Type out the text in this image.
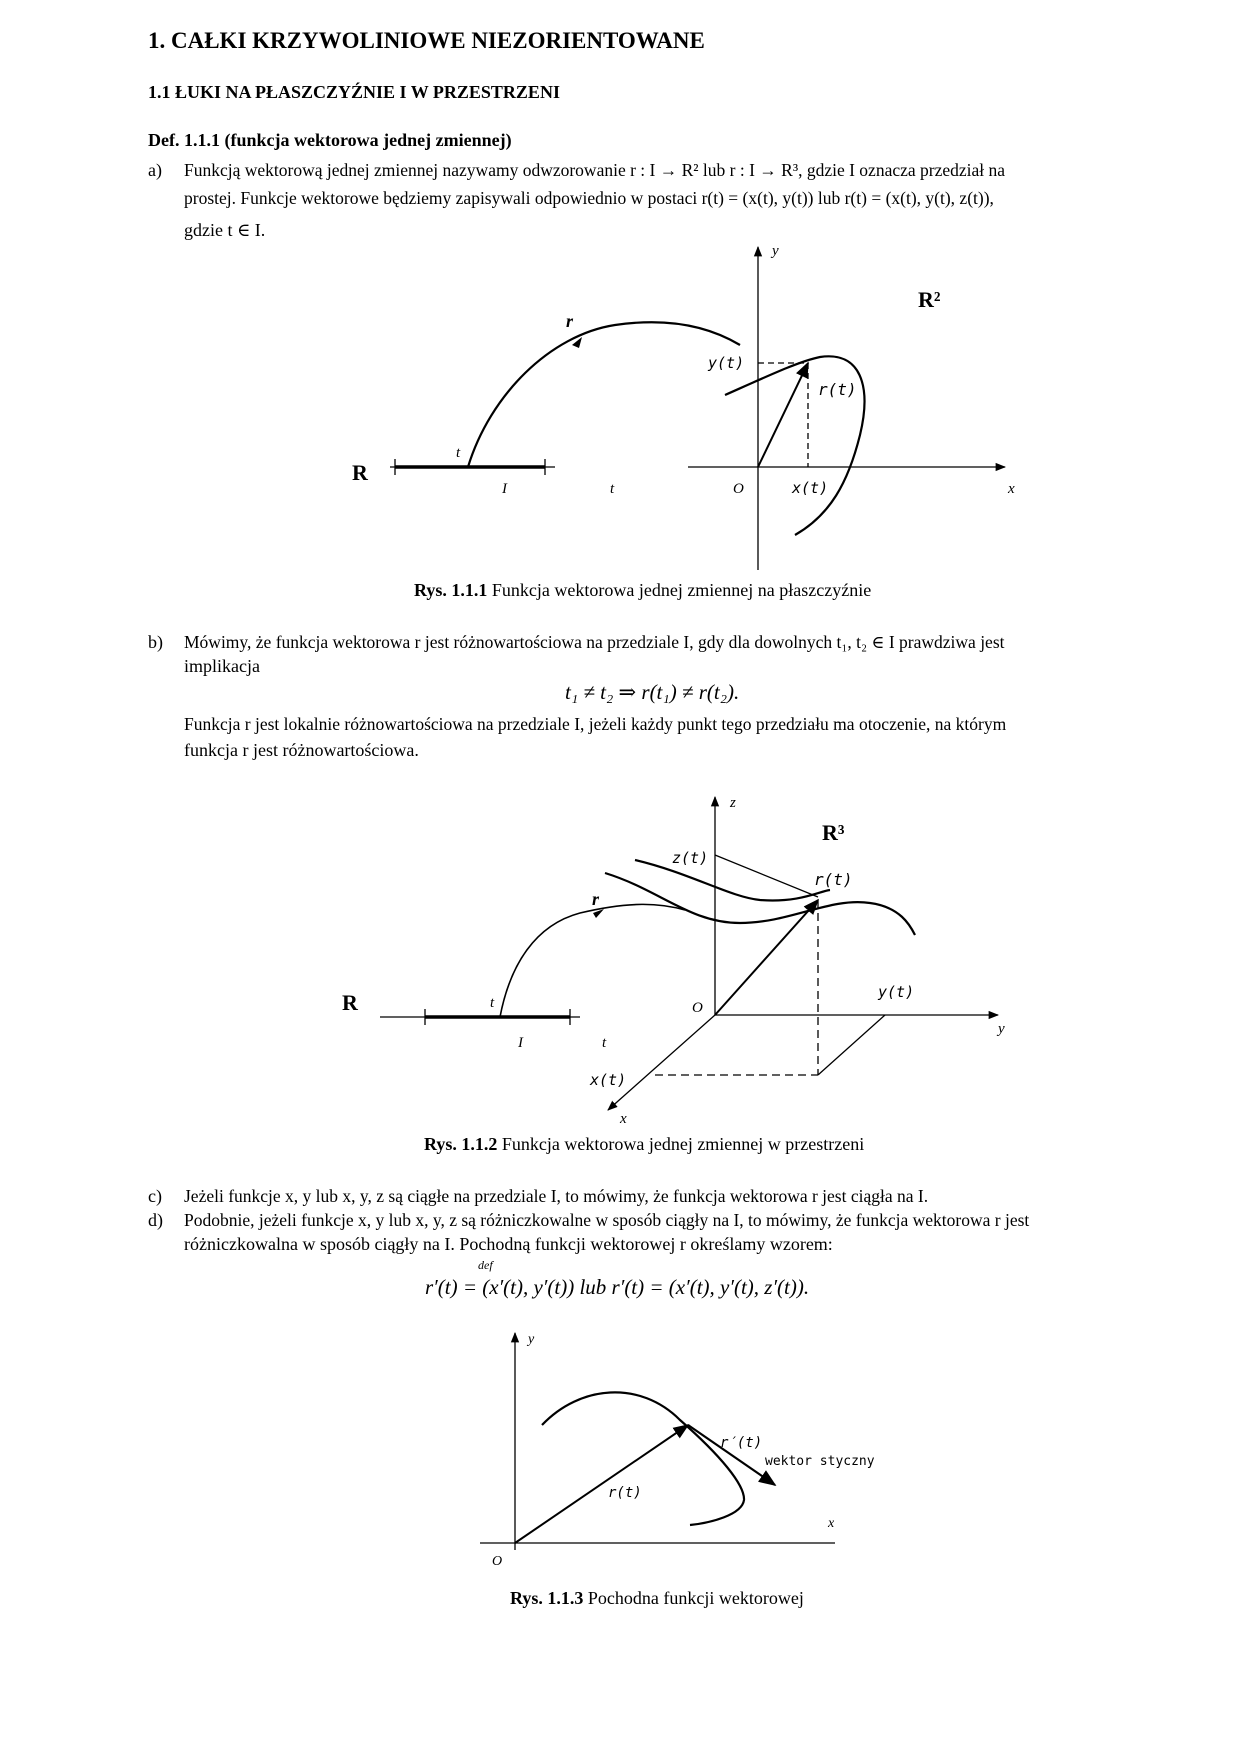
1. CAŁKI KRZYWOLINIOWE NIEZORIENTOWANE
1.1 ŁUKI NA PŁASZCZYŹNIE I W PRZESTRZENI
Def. 1.1.1 (funkcja wektorowa jednej zmiennej)
a) Funkcją wektorową jednej zmiennej nazywamy odwzorowanie r : I → R² lub r : I → R³, gdzie I oznacza przedział na
prostej. Funkcje wektorowe będziemy zapisywali odpowiednio w postaci r(t) = (x(t), y(t)) lub r(t) = (x(t), y(t), z(t)),
gdzie t ∈ I.
R²
R
y
x
O
r
y(t)
x(t)
r(t)
t
I	t
Rys. 1.1.1 Funkcja wektorowa jednej zmiennej na płaszczyźnie
b) Mówimy, że funkcja wektorowa r jest różnowartościowa na przedziale I, gdy dla dowolnych t₁, t₂ ∈ I prawdziwa jest
implikacja
t₁ ≠ t₂ ⇒ r(t₁) ≠ r(t₂).
Funkcja r jest lokalnie różnowartościowa na przedziale I, jeżeli każdy punkt tego przedziału ma otoczenie, na którym
funkcja r jest różnowartościowa.
R³
R
z
y
x
O
r
z(t)
y(t)
x(t)
r(t)
t
I	t
Rys. 1.1.2 Funkcja wektorowa jednej zmiennej w przestrzeni
c) Jeżeli funkcje x, y lub x, y, z są ciągłe na przedziale I, to mówimy, że funkcja wektorowa r jest ciągła na I.
d) Podobnie, jeżeli funkcje x, y lub x, y, z są różniczkowalne w sposób ciągły na I, to mówimy, że funkcja wektorowa r jest
różniczkowalna w sposób ciągły na I. Pochodną funkcji wektorowej r określamy wzorem:
def
r′(t) = (x′(t), y′(t)) lub r′(t) = (x′(t), y′(t), z′(t)).
y
x
O
r(t)
r′(t)
wektor styczny
Rys. 1.1.3 Pochodna funkcji wektorowej
